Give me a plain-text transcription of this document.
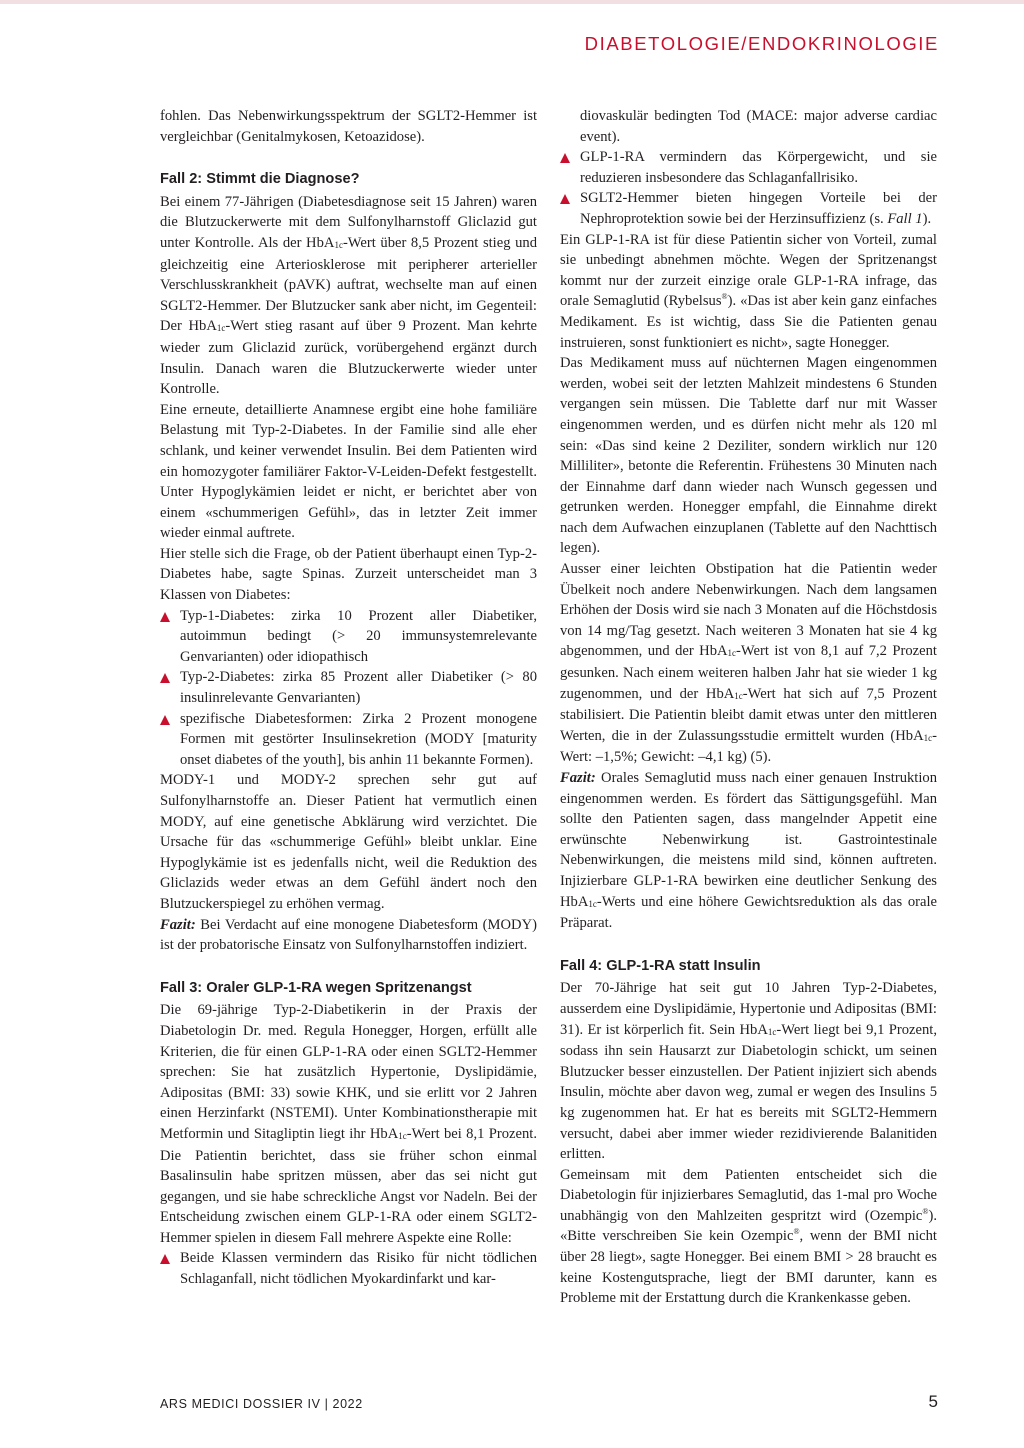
DIABETOLOGIE/ENDOKRINOLOGIE

fohlen. Das Nebenwirkungsspektrum der SGLT2-Hemmer ist vergleichbar (Genitalmykosen, Ketoazidose).

Fall 2: Stimmt die Diagnose?

Bei einem 77-Jährigen (Diabetesdiagnose seit 15 Jahren) waren die Blutzuckerwerte mit dem Sulfonylharnstoff Gliclazid gut unter Kontrolle. Als der HbA$_{1c}$-Wert über 8,5 Prozent stieg und gleichzeitig eine Arteriosklerose mit peripherer arterieller Verschlusskrankheit (pAVK) auftrat, wechselte man auf einen SGLT2-Hemmer. Der Blutzucker sank aber nicht, im Gegenteil: Der HbA$_{1c}$-Wert stieg rasant auf über 9 Prozent. Man kehrte wieder zum Gliclazid zurück, vorübergehend ergänzt durch Insulin. Danach waren die Blutzuckerwerte wieder unter Kontrolle.

Eine erneute, detaillierte Anamnese ergibt eine hohe familiäre Belastung mit Typ-2-Diabetes. In der Familie sind alle eher schlank, und keiner verwendet Insulin. Bei dem Patienten wird ein homozygoter familiärer Faktor-V-Leiden-Defekt festgestellt. Unter Hypoglykämien leidet er nicht, er berichtet aber von einem «schummerigen Gefühl», das in letzter Zeit immer wieder einmal auftrete.

Hier stelle sich die Frage, ob der Patient überhaupt einen Typ-2-Diabetes habe, sagte Spinas. Zurzeit unterscheidet man 3 Klassen von Diabetes:

Typ-1-Diabetes: zirka 10 Prozent aller Diabetiker, autoimmun bedingt (> 20 immunsystemrelevante Genvarianten) oder idiopathisch
Typ-2-Diabetes: zirka 85 Prozent aller Diabetiker (> 80 insulinrelevante Genvarianten)
spezifische Diabetesformen: Zirka 2 Prozent monogene Formen mit gestörter Insulinsekretion (MODY [maturity onset diabetes of the youth], bis anhin 11 bekannte Formen).

MODY-1 und MODY-2 sprechen sehr gut auf Sulfonylharnstoffe an. Dieser Patient hat vermutlich einen MODY, auf eine genetische Abklärung wird verzichtet. Die Ursache für das «schummerige Gefühl» bleibt unklar. Eine Hypoglykämie ist es jedenfalls nicht, weil die Reduktion des Gliclazids weder etwas an dem Gefühl ändert noch den Blutzuckerspiegel zu erhöhen vermag.

Fazit: Bei Verdacht auf eine monogene Diabetesform (MODY) ist der probatorische Einsatz von Sulfonylharnstoffen indiziert.

Fall 3: Oraler GLP-1-RA wegen Spritzenangst

Die 69-jährige Typ-2-Diabetikerin in der Praxis der Diabetologin Dr. med. Regula Honegger, Horgen, erfüllt alle Kriterien, die für einen GLP-1-RA oder einen SGLT2-Hemmer sprechen: Sie hat zusätzlich Hypertonie, Dyslipidämie, Adipositas (BMI: 33) sowie KHK, und sie erlitt vor 2 Jahren einen Herzinfarkt (NSTEMI). Unter Kombinationstherapie mit Metformin und Sitagliptin liegt ihr HbA$_{1c}$-Wert bei 8,1 Prozent. Die Patientin berichtet, dass sie früher schon einmal Basalinsulin habe spritzen müssen, aber das sei nicht gut gegangen, und sie habe schreckliche Angst vor Nadeln. Bei der Entscheidung zwischen einem GLP-1-RA oder einem SGLT2-Hemmer spielen in diesem Fall mehrere Aspekte eine Rolle:

Beide Klassen vermindern das Risiko für nicht tödlichen Schlaganfall, nicht tödlichen Myokardinfarkt und kar-
diovaskulär bedingten Tod (MACE: major adverse cardiac event).
GLP-1-RA vermindern das Körpergewicht, und sie reduzieren insbesondere das Schlaganfallrisiko.
SGLT2-Hemmer bieten hingegen Vorteile bei der Nephroprotektion sowie bei der Herzinsuffizienz (s. Fall 1).

Ein GLP-1-RA ist für diese Patientin sicher von Vorteil, zumal sie unbedingt abnehmen möchte. Wegen der Spritzenangst kommt nur der zurzeit einzige orale GLP-1-RA infrage, das orale Semaglutid (Rybelsus®). «Das ist aber kein ganz einfaches Medikament. Es ist wichtig, dass Sie die Patienten genau instruieren, sonst funktioniert es nicht», sagte Honegger.

Das Medikament muss auf nüchternen Magen eingenommen werden, wobei seit der letzten Mahlzeit mindestens 6 Stunden vergangen sein müssen. Die Tablette darf nur mit Wasser eingenommen werden, und es dürfen nicht mehr als 120 ml sein: «Das sind keine 2 Deziliter, sondern wirklich nur 120 Milliliter», betonte die Referentin. Frühestens 30 Minuten nach der Einnahme darf dann wieder nach Wunsch gegessen und getrunken werden. Honegger empfahl, die Einnahme direkt nach dem Aufwachen einzuplanen (Tablette auf den Nachttisch legen).

Ausser einer leichten Obstipation hat die Patientin weder Übelkeit noch andere Nebenwirkungen. Nach dem langsamen Erhöhen der Dosis wird sie nach 3 Monaten auf die Höchstdosis von 14 mg/Tag gesetzt. Nach weiteren 3 Monaten hat sie 4 kg abgenommen, und der HbA$_{1c}$-Wert ist von 8,1 auf 7,2 Prozent gesunken. Nach einem weiteren halben Jahr hat sie wieder 1 kg zugenommen, und der HbA$_{1c}$-Wert hat sich auf 7,5 Prozent stabilisiert. Die Patientin bleibt damit etwas unter den mittleren Werten, die in der Zulassungsstudie ermittelt wurden (HbA$_{1c}$-Wert: –1,5%; Gewicht: –4,1 kg) (5).

Fazit: Orales Semaglutid muss nach einer genauen Instruktion eingenommen werden. Es fördert das Sättigungsgefühl. Man sollte den Patienten sagen, dass mangelnder Appetit eine erwünschte Nebenwirkung ist. Gastrointestinale Nebenwirkungen, die meistens mild sind, können auftreten. Injizierbare GLP-1-RA bewirken eine deutlicher Senkung des HbA$_{1c}$-Werts und eine höhere Gewichtsreduktion als das orale Präparat.

Fall 4: GLP-1-RA statt Insulin

Der 70-Jährige hat seit gut 10 Jahren Typ-2-Diabetes, ausserdem eine Dyslipidämie, Hypertonie und Adipositas (BMI: 31). Er ist körperlich fit. Sein HbA$_{1c}$-Wert liegt bei 9,1 Prozent, sodass ihn sein Hausarzt zur Diabetologin schickt, um seinen Blutzucker besser einzustellen. Der Patient injiziert sich abends Insulin, möchte aber davon weg, zumal er wegen des Insulins 5 kg zugenommen hat. Er hat es bereits mit SGLT2-Hemmern versucht, dabei aber immer wieder rezidivierende Balanitiden erlitten.

Gemeinsam mit dem Patienten entscheidet sich die Diabetologin für injizierbares Semaglutid, das 1-mal pro Woche unabhängig von den Mahlzeiten gespritzt wird (Ozempic®). «Bitte verschreiben Sie kein Ozempic®, wenn der BMI nicht über 28 liegt», sagte Honegger. Bei einem BMI > 28 braucht es keine Kostengutsprache, liegt der BMI darunter, kann es Probleme mit der Erstattung durch die Krankenkasse geben.

ARS MEDICI DOSSIER IV | 2022	5
